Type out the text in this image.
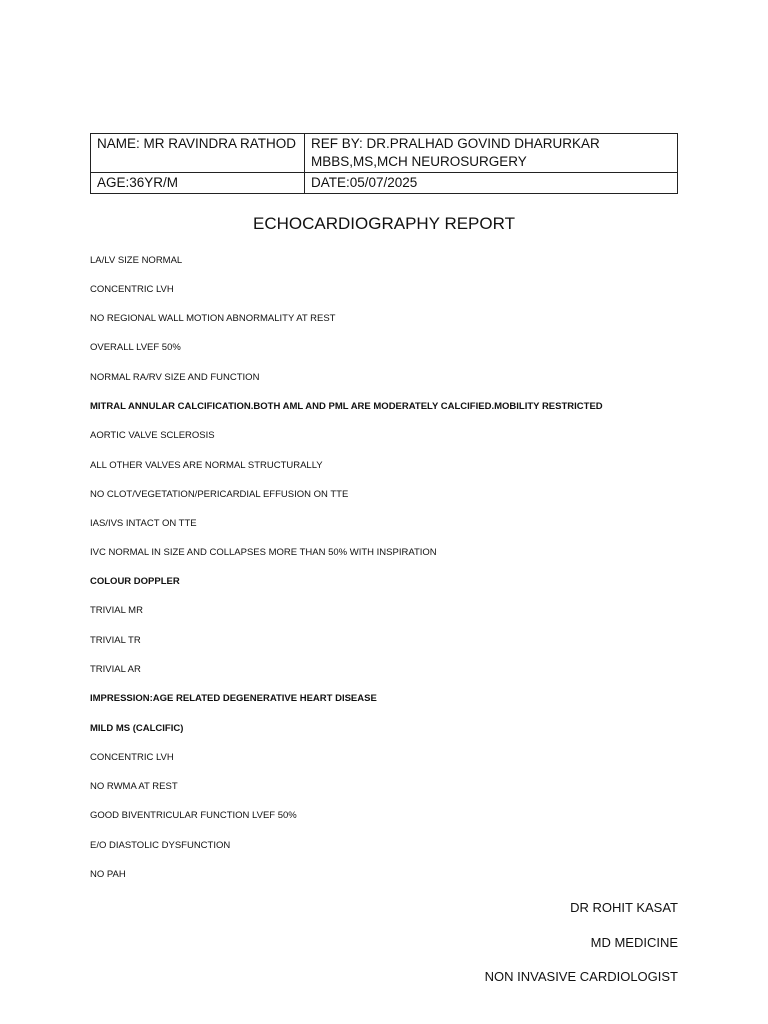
NAME: MR RAVINDRA RATHOD	REF BY: DR.PRALHAD GOVIND DHARURKAR
MBBS,MS,MCH NEUROSURGERY

AGE:36YR/M	DATE:05/07/2025
ECHOCARDIOGRAPHY REPORT
LA/LV SIZE NORMAL
CONCENTRIC LVH
NO REGIONAL WALL MOTION ABNORMALITY AT REST
OVERALL LVEF 50%
NORMAL RA/RV SIZE AND FUNCTION
MITRAL ANNULAR CALCIFICATION.BOTH AML AND PML ARE MODERATELY CALCIFIED.MOBILITY RESTRICTED
AORTIC VALVE SCLEROSIS
ALL OTHER VALVES ARE NORMAL STRUCTURALLY
NO CLOT/VEGETATION/PERICARDIAL EFFUSION ON TTE
IAS/IVS INTACT ON TTE
IVC NORMAL IN SIZE AND COLLAPSES MORE THAN 50% WITH INSPIRATION
COLOUR DOPPLER
TRIVIAL MR
TRIVIAL TR
TRIVIAL AR
IMPRESSION:AGE RELATED DEGENERATIVE HEART DISEASE
MILD MS (CALCIFIC)
CONCENTRIC LVH
NO RWMA AT REST
GOOD BIVENTRICULAR FUNCTION LVEF 50%
E/O DIASTOLIC DYSFUNCTION
NO PAH
DR ROHIT KASAT
MD MEDICINE
NON INVASIVE CARDIOLOGIST
